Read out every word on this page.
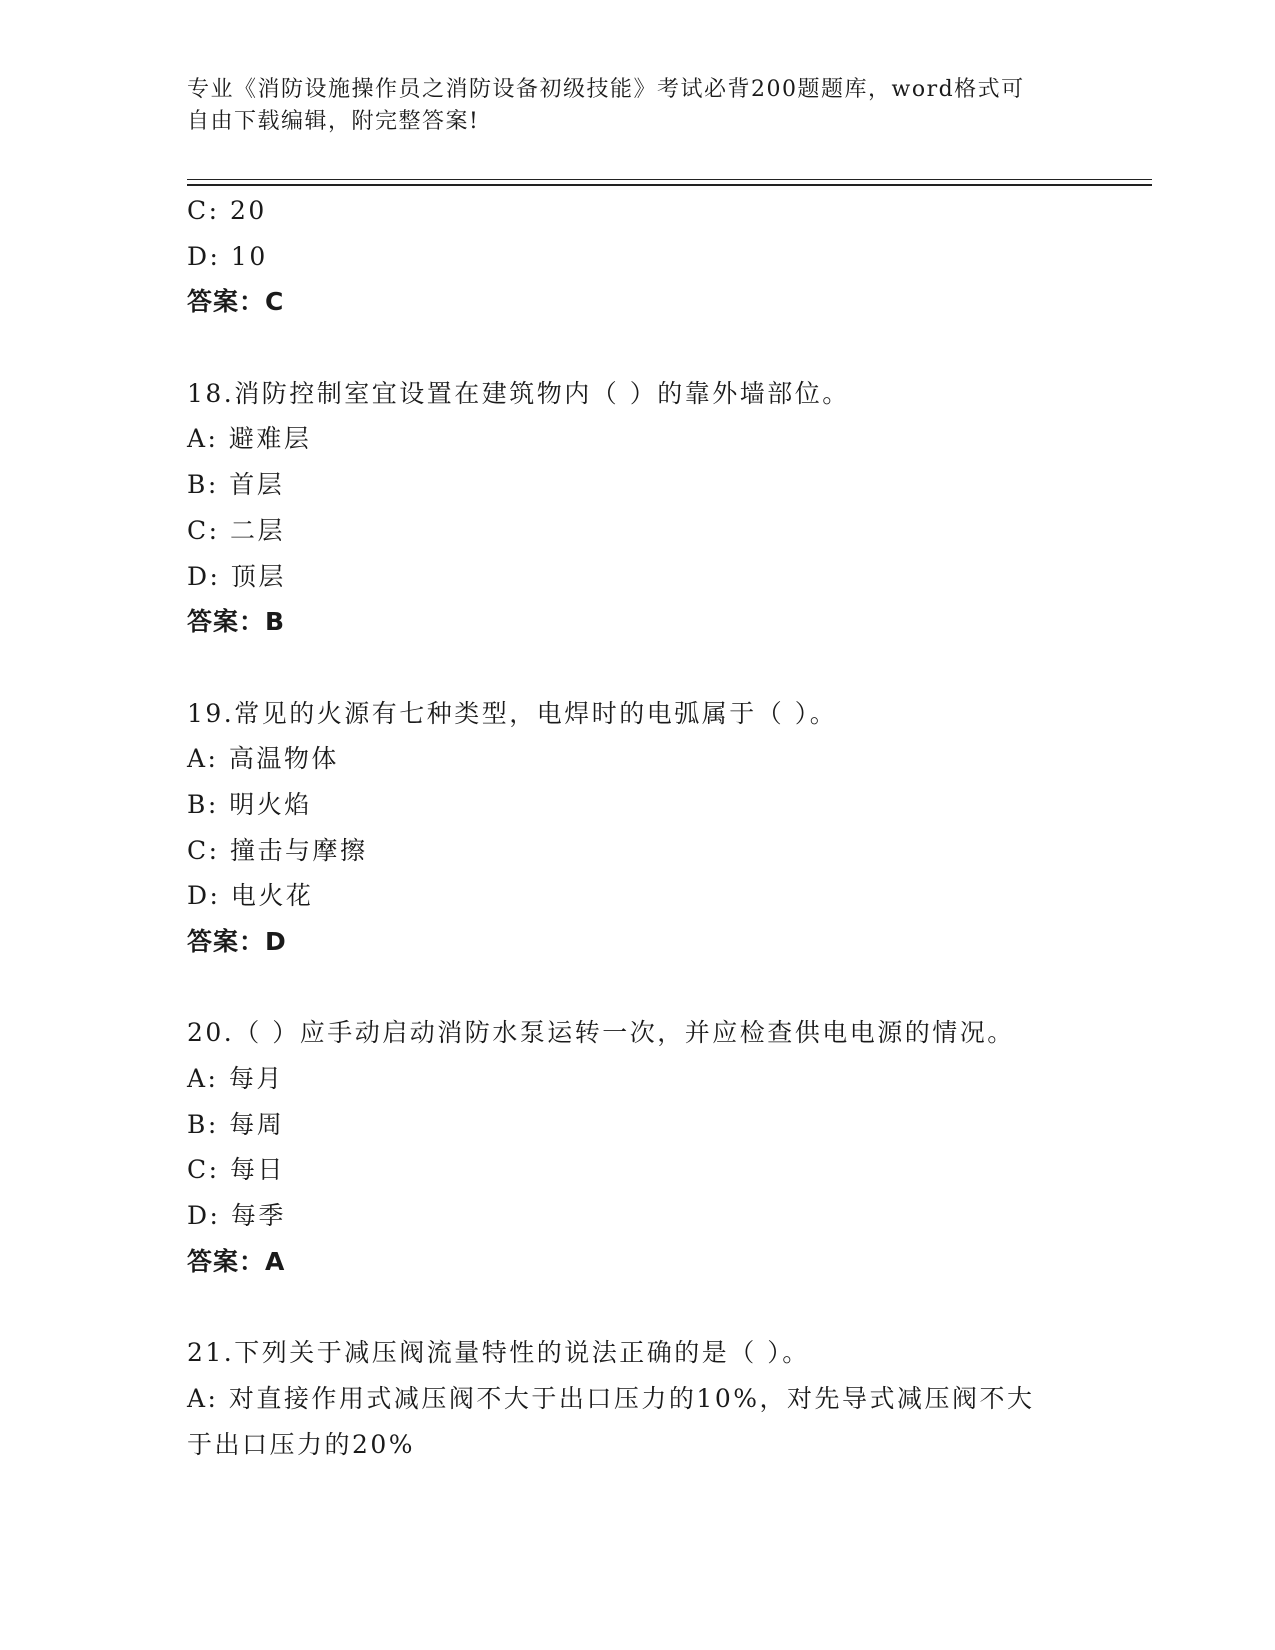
专业《消防设施操作员之消防设备初级技能》考试必背200题题库，word格式可
自由下载编辑，附完整答案!
C: 20
D: 10
答案：C
18.消防控制室宜设置在建筑物内（ ）的靠外墙部位。
A: 避难层
B: 首层
C: 二层
D: 顶层
答案：B
19.常见的火源有七种类型，电焊时的电弧属于（ ）。
A: 高温物体
B: 明火焰
C: 撞击与摩擦
D: 电火花
答案：D
20.（ ）应手动启动消防水泵运转一次，并应检查供电电源的情况。
A: 每月
B: 每周
C: 每日
D: 每季
答案：A
21.下列关于减压阀流量特性的说法正确的是（ ）。
A: 对直接作用式减压阀不大于出口压力的10%，对先导式减压阀不大
于出口压力的20%
